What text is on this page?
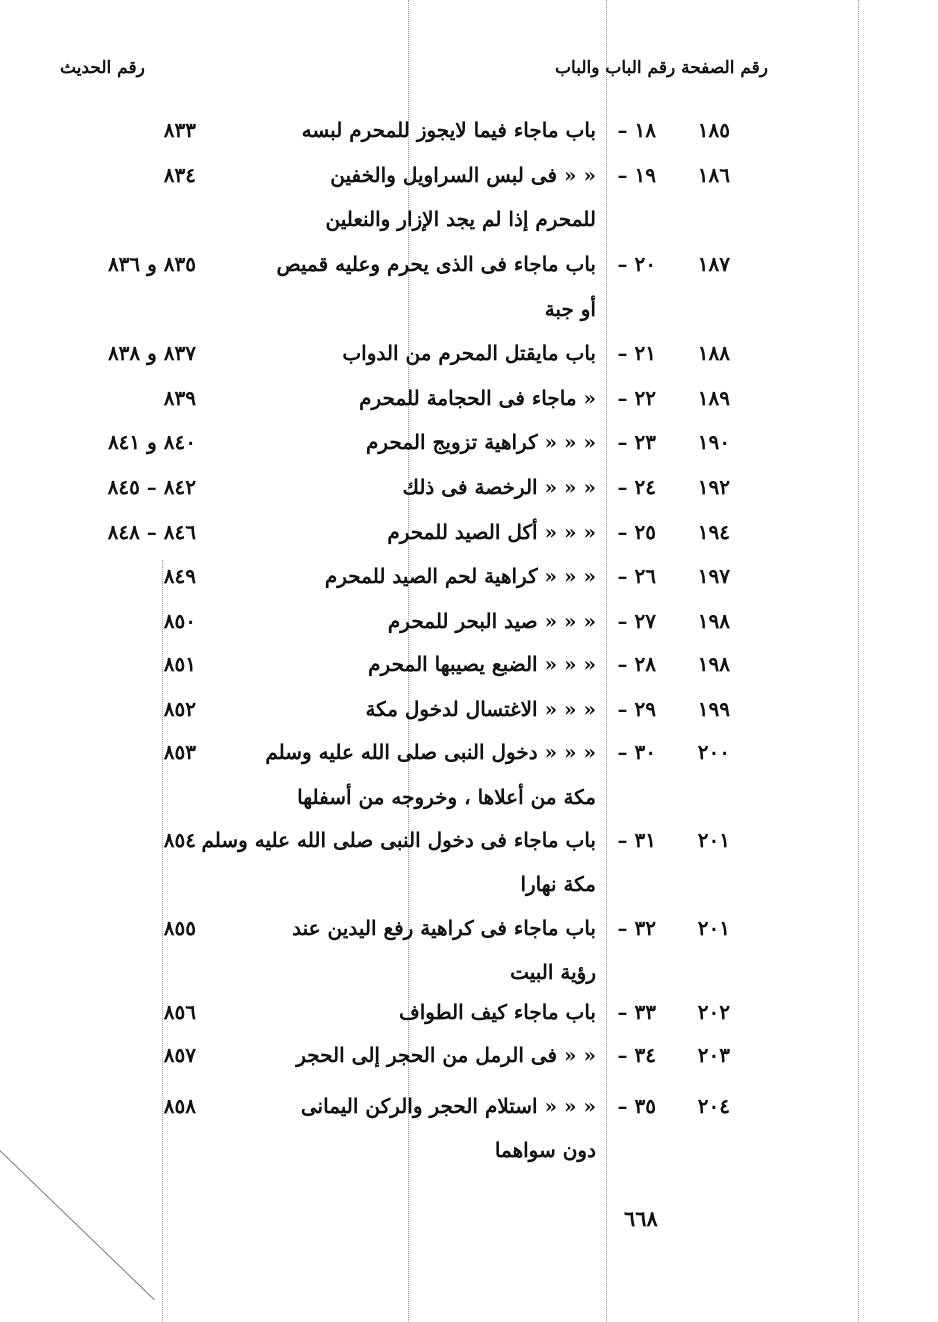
رقم الصفحة رقم الباب والباب
رقم الحديث
١٨٥
١٨ –
باب ماجاء فيما لايجوز للمحرم لبسه
٨٣٣
١٨٦
١٩ –
« « فى لبس السراويل والخفين
٨٣٤
للمحرم إذا لم يجد الإزار والنعلين
١٨٧
٢٠ –
باب ماجاء فى الذى يحرم وعليه قميص
٨٣٥ و ٨٣٦
أو جبة
١٨٨
٢١ –
باب مايقتل المحرم من الدواب
٨٣٧ و ٨٣٨
١٨٩
٢٢ –
« ماجاء فى الحجامة للمحرم
٨٣٩
١٩٠
٢٣ –
« « « كراهية تزويج المحرم
٨٤٠ و ٨٤١
١٩٢
٢٤ –
« « « الرخصة فى ذلك
٨٤٢ – ٨٤٥
١٩٤
٢٥ –
« « « أكل الصيد للمحرم
٨٤٦ – ٨٤٨
١٩٧
٢٦ –
« « « كراهية لحم الصيد للمحرم
٨٤٩
١٩٨
٢٧ –
« « « صيد البحر للمحرم
٨٥٠
١٩٨
٢٨ –
« « « الضبع يصيبها المحرم
٨٥١
١٩٩
٢٩ –
« « « الاغتسال لدخول مكة
٨٥٢
٢٠٠
٣٠ –
« « « دخول النبى صلى الله عليه وسلم
٨٥٣
مكة من أعلاها ، وخروجه من أسفلها
٢٠١
٣١ –
باب ماجاء فى دخول النبى صلى الله عليه وسلم
٨٥٤
مكة نهارا
٢٠١
٣٢ –
باب ماجاء فى كراهية رفع اليدين عند
٨٥٥
رؤية البيت
٢٠٢
٣٣ –
باب ماجاء كيف الطواف
٨٥٦
٢٠٣
٣٤ –
« « فى الرمل من الحجر إلى الحجر
٨٥٧
٢٠٤
٣٥ –
« « « استلام الحجر والركن اليمانى
٨٥٨
دون سواهما
٦٦٨
